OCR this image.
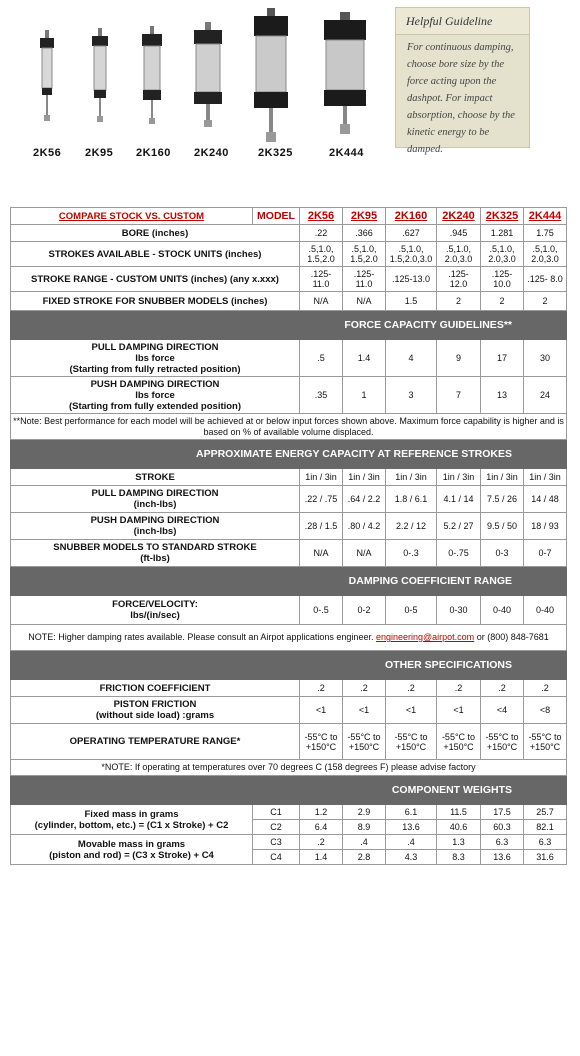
2K56 2K95 2K160 2K240	2K325	2K444
Helpful Guideline
For continuous damping, choose bore size by the force acting upon the dashpot. For impact absorption, choose by the kinetic energy to be damped.
COMPARE STOCK VS. CUSTOM	MODEL	2K56	2K95	2K160	2K240	2K325	2K444
BORE (inches)		.22	.366	.627	.945	1.281	1.75
STROKES AVAILABLE - STOCK UNITS (inches)		.5,1.0, 1.5,2.0	.5,1.0, 1.5,2.0	.5,1.0, 1.5,2.0,3.0	.5,1.0, 2.0,3.0	.5,1.0, 2.0,3.0	.5,1.0, 2.0,3.0
STROKE RANGE - CUSTOM UNITS (inches) (any x.xxx)		.125- 11.0	.125- 11.0	.125-13.0	.125- 12.0	.125- 10.0	.125- 8.0
FIXED STROKE FOR SNUBBER MODELS (inches)		N/A	N/A	1.5	2	2	2
FORCE CAPACITY GUIDELINES**							
PULL DAMPING DIRECTION
lbs force
(Starting from fully retracted position)		.5	1.4	4	9	17	30
PUSH DAMPING DIRECTION
lbs force
(Starting from fully extended position)		.35	1	3	7	13	24
**Note: Best performance for each model will be achieved at or below input forces shown above. Maximum force capability is higher and is based on % of available volume displaced.							
APPROXIMATE ENERGY CAPACITY AT REFERENCE STROKES							
STROKE		1in / 3in	1in / 3in	1in / 3in	1in / 3in	1in / 3in	1in / 3in
PULL DAMPING DIRECTION
(inch-lbs)		.22 / .75	.64 / 2.2	1.8 / 6.1	4.1 / 14	7.5 / 26	14 / 48
PUSH DAMPING DIRECTION
(inch-lbs)		.28 / 1.5	.80 / 4.2	2.2 / 12	5.2 / 27	9.5 / 50	18 / 93
SNUBBER MODELS TO STANDARD STROKE
(ft-lbs)		N/A	N/A	0-.3	0-.75	0-3	0-7
DAMPING COEFFICIENT RANGE							
FORCE/VELOCITY:
lbs/(in/sec)		0-.5	0-2	0-5	0-30	0-40	0-40
NOTE: Higher damping rates available. Please consult an Airpot applications engineer. engineering@airpot.com or (800) 848-7681							
OTHER SPECIFICATIONS							
FRICTION COEFFICIENT		.2	.2	.2	.2	.2	.2
PISTON FRICTION
(without side load) :grams		<1	<1	<1	<1	<4	<8
OPERATING TEMPERATURE RANGE*		-55°C to +150°C	-55°C to +150°C	-55°C to +150°C	-55°C to +150°C	-55°C to +150°C	-55°C to +150°C
*NOTE: If operating at temperatures over 70 degrees C (158 degrees F) please advise factory							
COMPONENT WEIGHTS							
Fixed mass in grams
(cylinder, bottom, etc.) = (C1 x Stroke) + C2	C1	1.2	2.9	6.1	11.5	17.5	25.7
	C2	6.4	8.9	13.6	40.6	60.3	82.1
Movable mass in grams
(piston and rod) = (C3 x Stroke) + C4	C3	.2	.4	.4	1.3	6.3	6.3
	C4	1.4	2.8	4.3	8.3	13.6	31.6
